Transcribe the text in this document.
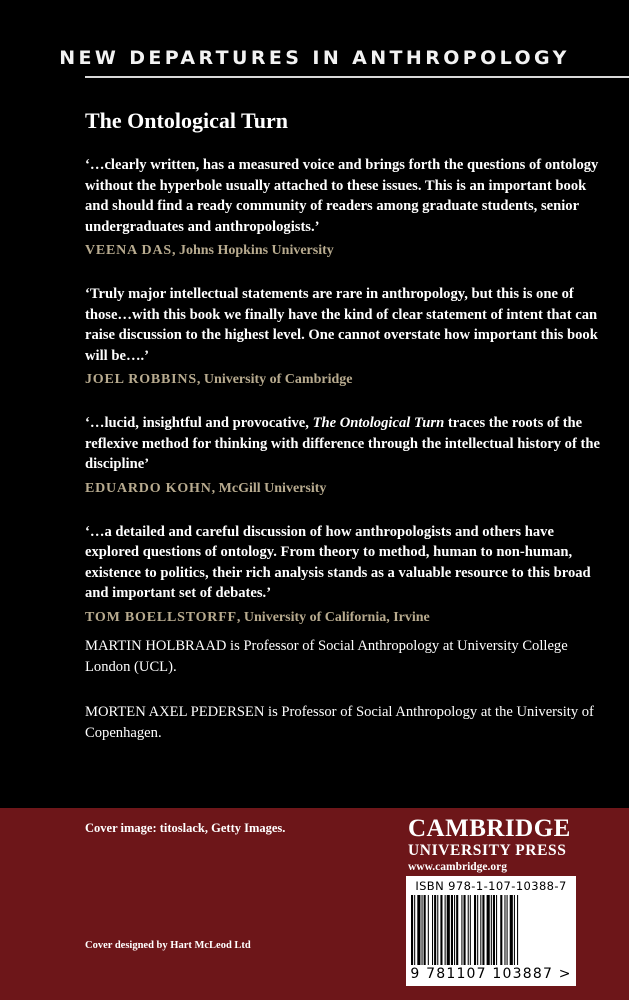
NEW DEPARTURES IN ANTHROPOLOGY
The Ontological Turn

‘…clearly written, has a measured voice and brings forth the questions of ontology without the hyperbole usually attached to these issues. This is an important book and should find a ready community of readers among graduate students, senior undergraduates and anthropologists.’

VEENA DAS, Johns Hopkins University

‘Truly major intellectual statements are rare in anthropology, but this is one of those…with this book we finally have the kind of clear statement of intent that can raise discussion to the highest level. One cannot overstate how important this book will be….’

JOEL ROBBINS, University of Cambridge

‘…lucid, insightful and provocative, The Ontological Turn traces the roots of the reflexive method for thinking with difference through the intellectual history of the discipline’

EDUARDO KOHN, McGill University

‘…a detailed and careful discussion of how anthropologists and others have explored questions of ontology. From theory to method, human to non-human, existence to politics, their rich analysis stands as a valuable resource to this broad and important set of debates.’

TOM BOELLSTORFF, University of California, Irvine

MARTIN HOLBRAAD is Professor of Social Anthropology at University College London (UCL).

MORTEN AXEL PEDERSEN is Professor of Social Anthropology at the University of Copenhagen.

Cover image: titoslack, Getty Images.
Cover designed by Hart McLeod Ltd
CAMBRIDGE
UNIVERSITY PRESS
www.cambridge.org
ISBN 978-1-107-10388-7
9 781107 103887 >
